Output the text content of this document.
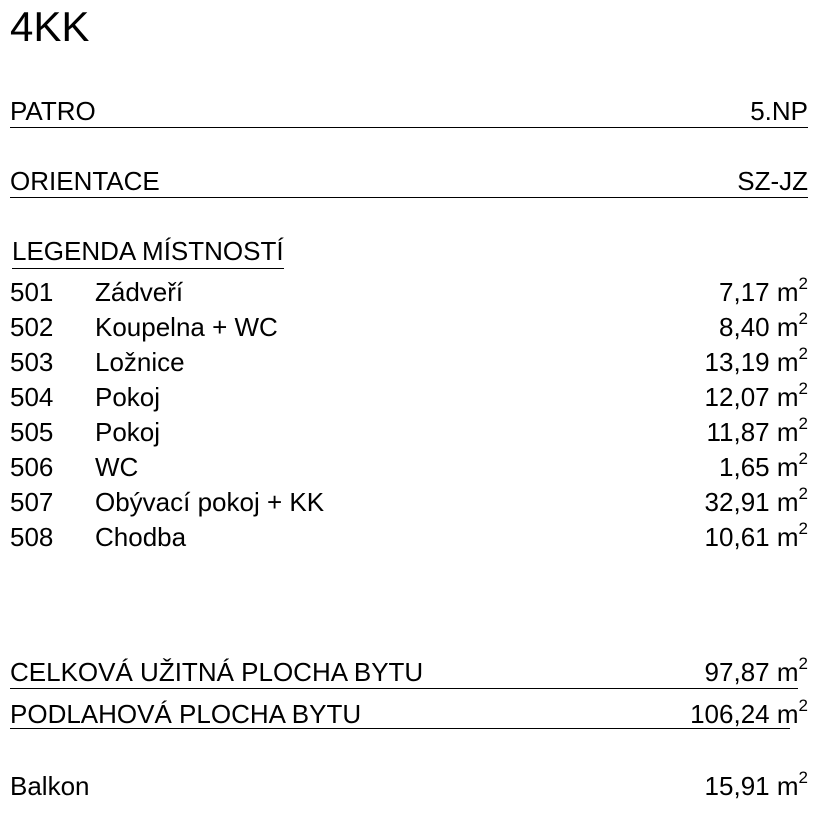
4KK
PATRO	5.NP
ORIENTACE	SZ-JZ
LEGENDA MÍSTNOSTÍ
501 Zádveří	7,17 $m^2$
502 Koupelna + WC	8,40 $m^2$
503 Ložnice	13,19 $m^2$
504 Pokoj	12,07 $m^2$
505 Pokoj	11,87 $m^2$
506 WC	1,65 $m^2$
507 Obývací pokoj + KK	32,91 $m^2$
508 Chodba	10,61 $m^2$
CELKOVÁ UŽITNÁ PLOCHA BYTU	97,87 $m^2$
PODLAHOVÁ PLOCHA BYTU	106,24 $m^2$
Balkon	15,91 $m^2$
